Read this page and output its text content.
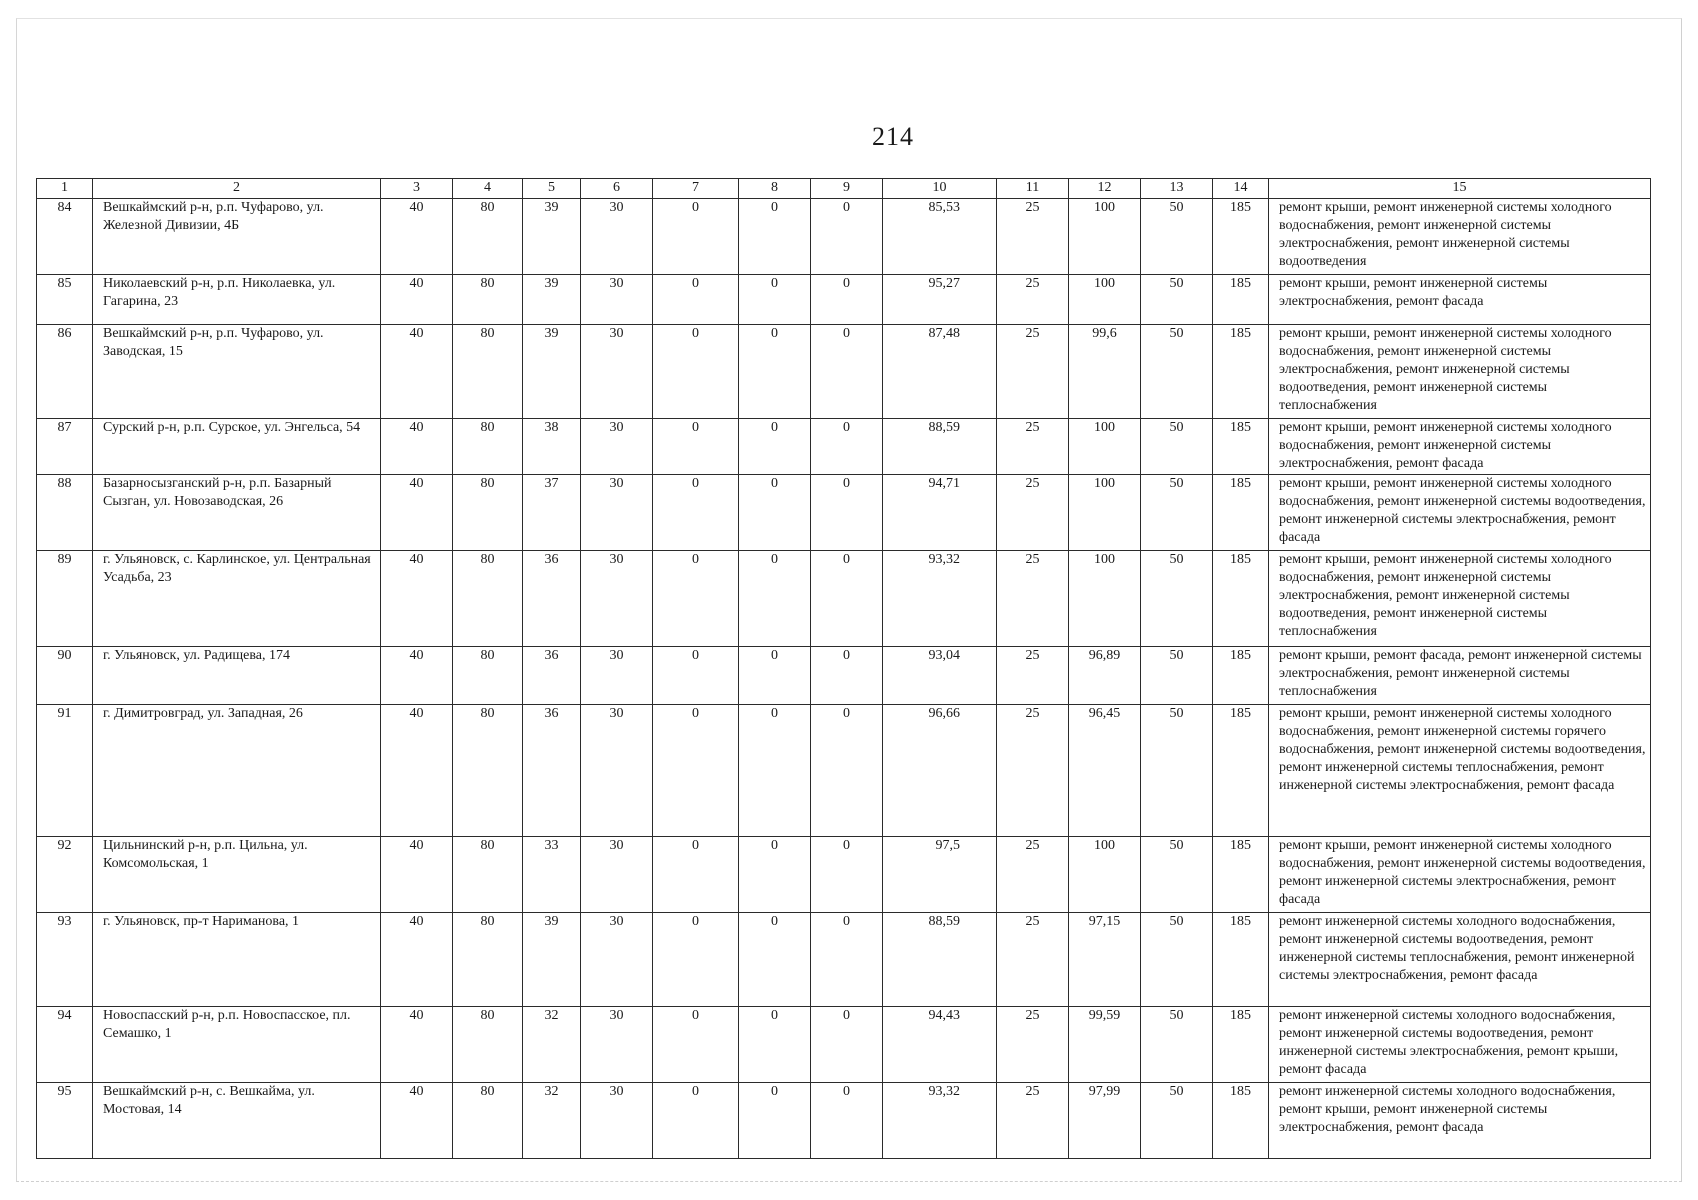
214
1	2	3	4	5	6	7	8	9	10	11	12	13	14	15
84	Вешкаймский р-н, р.п. Чуфарово, ул. Железной Дивизии, 4Б	40	80	39	30	0	0	0	85,53	25	100	50	185	ремонт крыши, ремонт инженерной системы холодного водоснабжения, ремонт инженерной системы электроснабжения, ремонт инженерной системы водоотведения
85	Николаевский р-н, р.п. Николаевка, ул. Гагарина, 23	40	80	39	30	0	0	0	95,27	25	100	50	185	ремонт крыши, ремонт инженерной системы электроснабжения, ремонт фасада
86	Вешкаймский р-н, р.п. Чуфарово, ул. Заводская, 15	40	80	39	30	0	0	0	87,48	25	99,6	50	185	ремонт крыши, ремонт инженерной системы холодного водоснабжения, ремонт инженерной системы электроснабжения, ремонт инженерной системы водоотведения, ремонт инженерной системы теплоснабжения
87	Сурский р-н, р.п. Сурское, ул. Энгельса, 54	40	80	38	30	0	0	0	88,59	25	100	50	185	ремонт крыши, ремонт инженерной системы холодного водоснабжения, ремонт инженерной системы электроснабжения, ремонт фасада
88	Базарносызганский р-н, р.п. Базарный Сызган, ул. Новозаводская, 26	40	80	37	30	0	0	0	94,71	25	100	50	185	ремонт крыши, ремонт инженерной системы холодного водоснабжения, ремонт инженерной системы водоотведения, ремонт инженерной системы электроснабжения, ремонт фасада
89	г. Ульяновск, с. Карлинское, ул. Центральная Усадьба, 23	40	80	36	30	0	0	0	93,32	25	100	50	185	ремонт крыши, ремонт инженерной системы холодного водоснабжения, ремонт инженерной системы электроснабжения, ремонт инженерной системы водоотведения, ремонт инженерной системы теплоснабжения
90	г. Ульяновск, ул. Радищева, 174	40	80	36	30	0	0	0	93,04	25	96,89	50	185	ремонт крыши, ремонт фасада, ремонт инженерной системы электроснабжения, ремонт инженерной системы теплоснабжения
91	г. Димитровград, ул. Западная, 26	40	80	36	30	0	0	0	96,66	25	96,45	50	185	ремонт крыши, ремонт инженерной системы холодного водоснабжения, ремонт инженерной системы горячего водоснабжения, ремонт инженерной системы водоотведения, ремонт инженерной системы теплоснабжения, ремонт инженерной системы электроснабжения, ремонт фасада
92	Цильнинский р-н, р.п. Цильна, ул. Комсомольская, 1	40	80	33	30	0	0	0	97,5	25	100	50	185	ремонт крыши, ремонт инженерной системы холодного водоснабжения, ремонт инженерной системы водоотведения, ремонт инженерной системы электроснабжения, ремонт фасада
93	г. Ульяновск, пр-т Нариманова, 1	40	80	39	30	0	0	0	88,59	25	97,15	50	185	ремонт инженерной системы холодного водоснабжения, ремонт инженерной системы водоотведения, ремонт инженерной системы теплоснабжения, ремонт инженерной системы электроснабжения, ремонт фасада
94	Новоспасский р-н, р.п. Новоспасское, пл. Семашко, 1	40	80	32	30	0	0	0	94,43	25	99,59	50	185	ремонт инженерной системы холодного водоснабжения, ремонт инженерной системы водоотведения, ремонт инженерной системы электроснабжения, ремонт крыши, ремонт фасада
95	Вешкаймский р-н, с. Вешкайма, ул. Мостовая, 14	40	80	32	30	0	0	0	93,32	25	97,99	50	185	ремонт инженерной системы холодного водоснабжения, ремонт крыши, ремонт инженерной системы электроснабжения, ремонт фасада
